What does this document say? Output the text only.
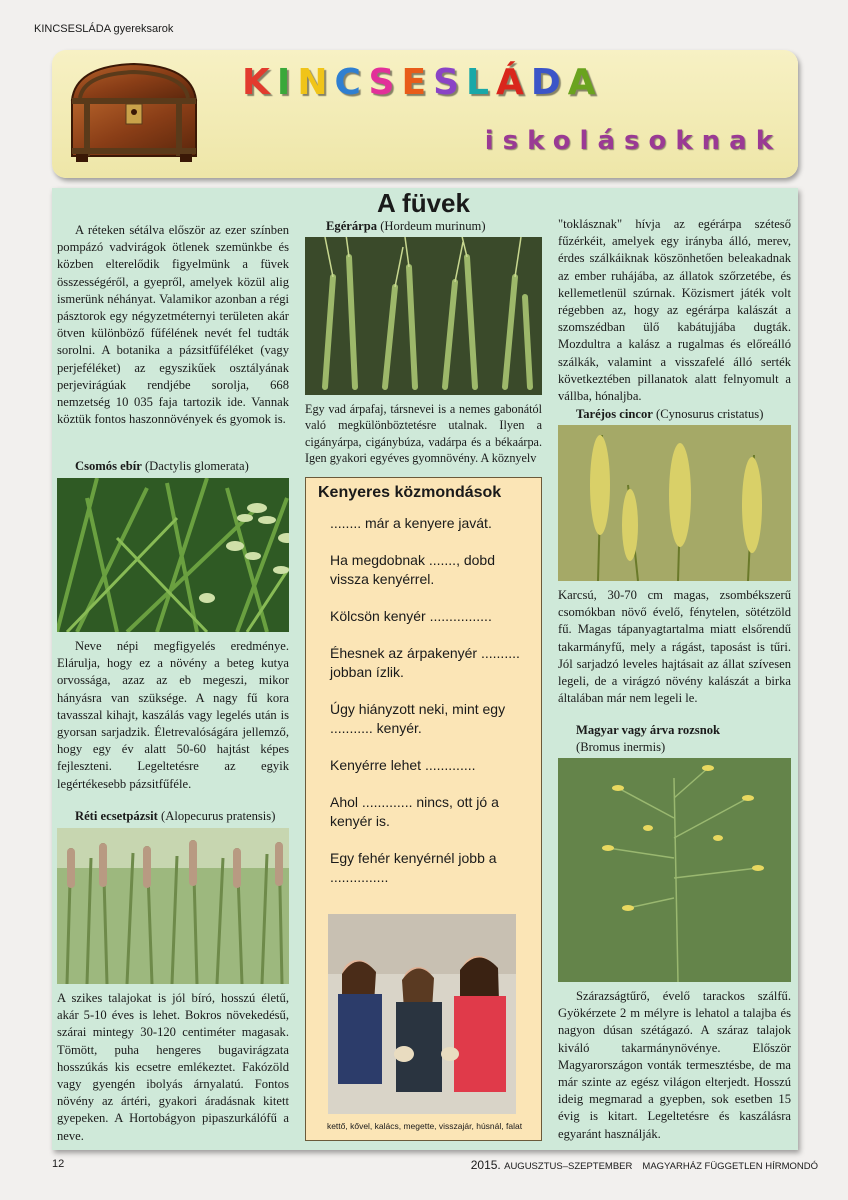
KINCSESLÁDA gyereksarok
KINCSESLÁDA
iskolásoknak
A füvek

A réteken sétálva először az ezer színben pompázó vadvirágok ötlenek szemünkbe és közben elterelődik figyelmünk a füvek összességéről, a gyepről, amelyek közül alig ismerünk néhányat. Valamikor azonban a régi pásztorok egy négyzetméternyi területen akár ötven különböző fűfélének nevét fel tudták sorolni. A botanika a pázsitfűféléket (vagy perjeféléket) az egyszikűek osztályának perjevirágúak rendjébe sorolja, 668 nemzetség 10 035 faja tartozik ide. Vannak köztük fontos haszonnövények és gyomok is.

Csomós ebír (Dactylis glomerata)

Neve népi megfigyelés eredménye. Elárulja, hogy ez a növény a beteg kutya orvossága, azaz az eb megeszi, mikor hányásra van szüksége. A nagy fű kora tavasszal kihajt, kaszálás vagy legelés után is gyorsan sarjadzik. Életrevalóságára jellemző, hogy egy év alatt 50-60 hajtást képes fejleszteni. Legeltetésre az egyik legértékesebb pázsitfűféle.

Réti ecsetpázsit (Alopecurus pratensis)

A szikes talajokat is jól bíró, hosszú életű, akár 5-10 éves is lehet. Bokros növekedésű, szárai mintegy 30-120 centiméter magasak. Tömött, puha hengeres bugavirágzata hosszúkás kis ecsetre emlékeztet. Fakózöld vagy gyengén ibolyás árnyalatú. Fontos növény az ártéri, gyakori áradásnak kitett gyepeken. A Hortobágyon pipaszurkálófű a neve.

Egérárpa (Hordeum murinum)

Egy vad árpafaj, társnevei is a nemes gabonától való megkülönböztetésre utalnak. Ilyen a cigányárpa, cigánybúza, vadárpa és a békaárpa. Igen gyakori egyéves gyomnövény. A köznyelv

Kenyeres közmondások
........ már a kenyere javát.
Ha megdobnak ......., dobd vissza kenyérrel.
Kölcsön kenyér ................
Éhesnek az árpakenyér .......... jobban ízlik.
Úgy hiányzott neki, mint egy ........... kenyér.
Kenyérre lehet .............
Ahol ............. nincs, ott jó a kenyér is.
Egy fehér kenyérnél jobb a ...............
kettő, kővel, kalács, megette, visszajár, húsnál, falat

"toklásznak" hívja az egérárpa széteső fűzérkéit, amelyek egy irányba álló, merev, érdes szálkáiknak köszönhetően beleakadnak az ember ruhájába, az állatok szőrzetébe, és kellemetlenül szúrnak. Közismert játék volt régebben az, hogy az egérárpa kalászát a szomszédban ülő kabátujjába dugták. Mozdultra a kalász a rugalmas és előreálló szálkák, valamint a visszafelé álló serték következtében pillanatok alatt felnyomult a vállba, hónaljba.

Taréjos cincor (Cynosurus cristatus)

Karcsú, 30-70 cm magas, zsombékszerű csomókban növő évelő, fénytelen, sötétzöld fű. Magas tápanyagtartalma miatt elsőrendű takarmányfű, mely a rágást, taposást is tűri. Jól sarjadzó leveles hajtásait az állat szívesen legeli, de a virágzó növény kalászát a birka általában már nem legeli le.

Magyar vagy árva rozsnok
(Bromus inermis)

Szárazságtűrő, évelő tarackos szálfű. Gyökérzete 2 m mélyre is lehatol a talajba és nagyon dúsan szétágazó. A száraz talajok kiváló takarmánynövénye. Először Magyarországon vonták termesztésbe, de ma már szinte az egész világon elterjedt. Hosszú ideig megmarad a gyepben, sok esetben 15 évig is kitart. Legeltetésre és kaszálásra egyaránt használják.

12	2015. AUGUSZTUS–SZEPTEMBER MAGYARHÁZ FÜGGETLEN HÍRMONDÓ
